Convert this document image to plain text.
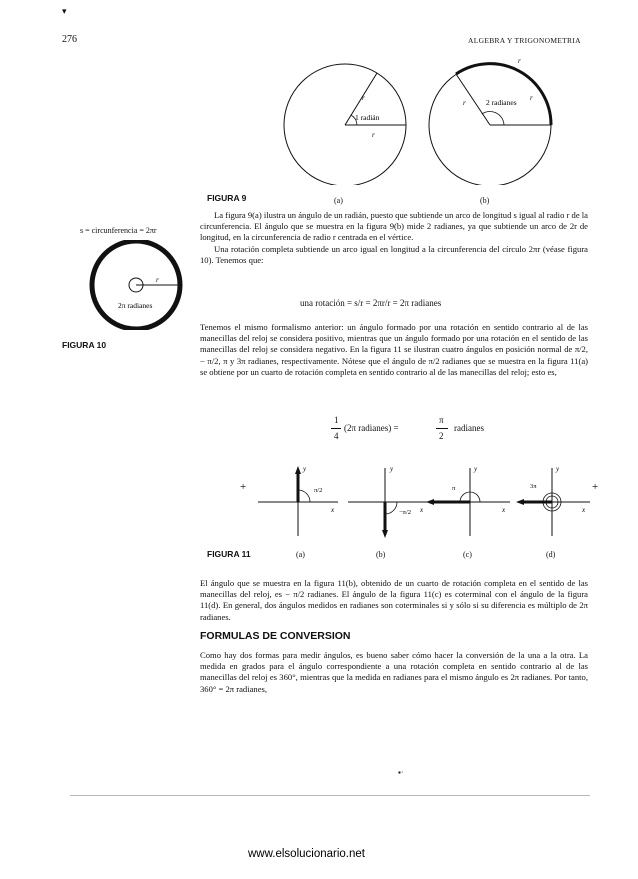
276	ALGEBRA Y TRIGONOMETRIA
▾
r
r
1 radián
r
r
r
2 radianes
FIGURA 9	(a)	(b)
s = circunferencia = 2πr
r
2π radianes
FIGURA 10

La figura 9(a) ilustra un ángulo de un radián, puesto que subtiende un arco de longitud s igual al radio r de la circunferencia. El ángulo que se muestra en la figura 9(b) mide 2 radianes, ya que subtiende un arco de 2r de longitud, en la circunferencia de radio r centrada en el vértice.

Una rotación completa subtiende un arco igual en longitud a la circunferencia del círculo 2πr (véase figura 10). Tenemos que:

una rotación = s/r = 2πr/r = 2π radianes

Tenemos el mismo formalismo anterior: un ángulo formado por una rotación en sentido contrario al de las manecillas del reloj se considera positivo, mientras que un ángulo formado por una rotación en el sentido de las manecillas del reloj se considera negativo. En la figura 11 se ilustran cuatro ángulos en posición normal de π/2, − π/2, π y 3π radianes, respectivamente. Nótese que el ángulo de π/2 radianes que se muestra en la figura 11(a) se obtiene por un cuarto de rotación completa en sentido contrario al de las manecillas del reloj; esto es,

1
4
(2π radianes) =
π
2
radianes
+	+
y
x
π/2
y
x
−π/2
y
x
π
y
x
3π
FIGURA 11	(a)	(b)	(c)	(d)

El ángulo que se muestra en la figura 11(b), obtenido de un cuarto de rotación completa en el sentido de las manecillas del reloj, es − π/2 radianes. El ángulo de la figura 11(c) es coterminal con el ángulo de la figura 11(d). En general, dos ángulos medidos en radianes son coterminales si y sólo si su diferencia es múltiplo de 2π radianes.

FORMULAS DE CONVERSION

Como hay dos formas para medir ángulos, es bueno saber cómo hacer la conversión de la una a la otra. La medida en grados para el ángulo correspondiente a una rotación completa en sentido contrario al de las manecillas del reloj es 360°, mientras que la medida en radianes para el mismo ángulo es 2π radianes. Por tanto, 360° = 2π radianes,

▪·
www.elsolucionario.net
